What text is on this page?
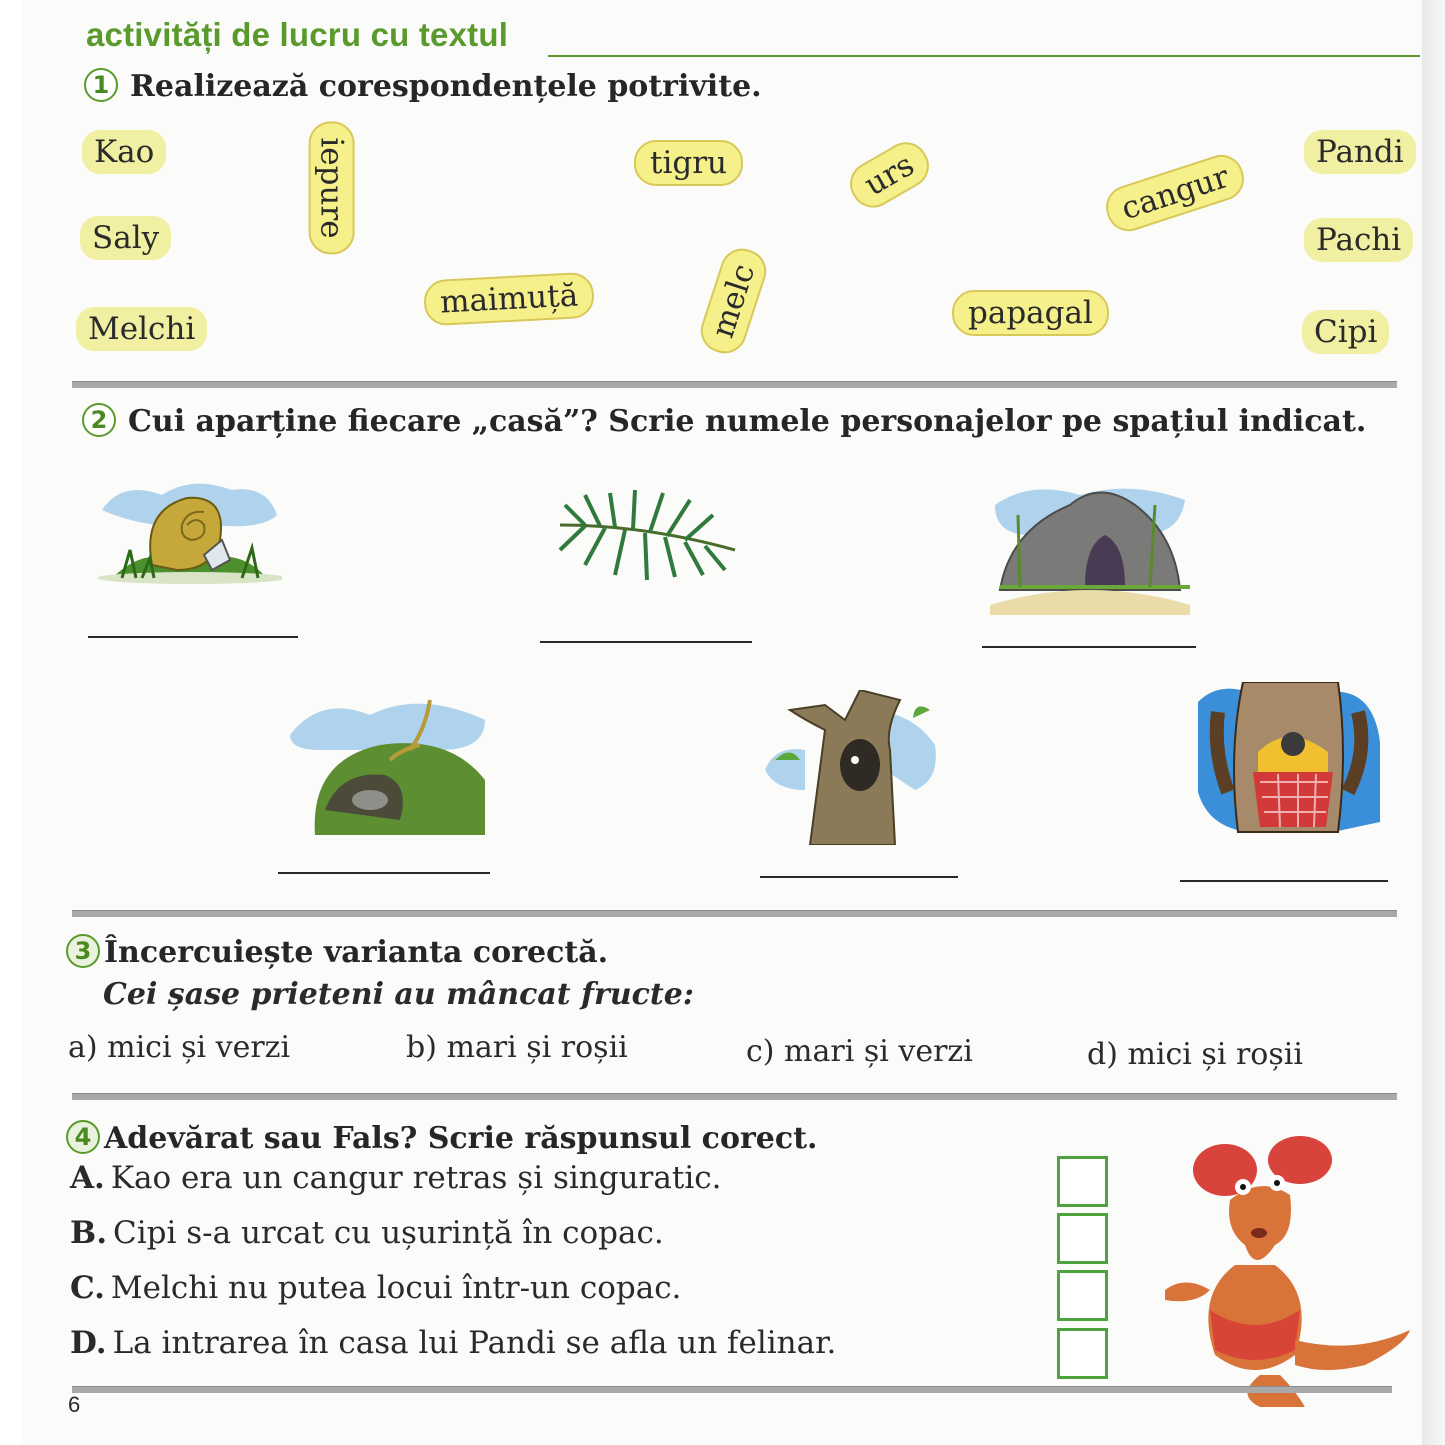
activități de lucru cu textul
1 Realizează corespondențele potrivite.
Kao
Saly
Melchi
Pandi
Pachi
Cipi
iepure	tigru	urs	cangur
maimuță	melc	papagal
2 Cui aparține fiecare „casă”? Scrie numele personajelor pe spațiul indicat.
3 Încercuiește varianta corectă.
Cei șase prieteni au mâncat fructe:
a) mici și verzi	b) mari și roșii	c) mari și verzi	d) mici și roșii
4 Adevărat sau Fals? Scrie răspunsul corect.
A. Kao era un cangur retras și singuratic.
B. Cipi s-a urcat cu ușurință în copac.
C. Melchi nu putea locui într-un copac.
D. La intrarea în casa lui Pandi se afla un felinar.
6
